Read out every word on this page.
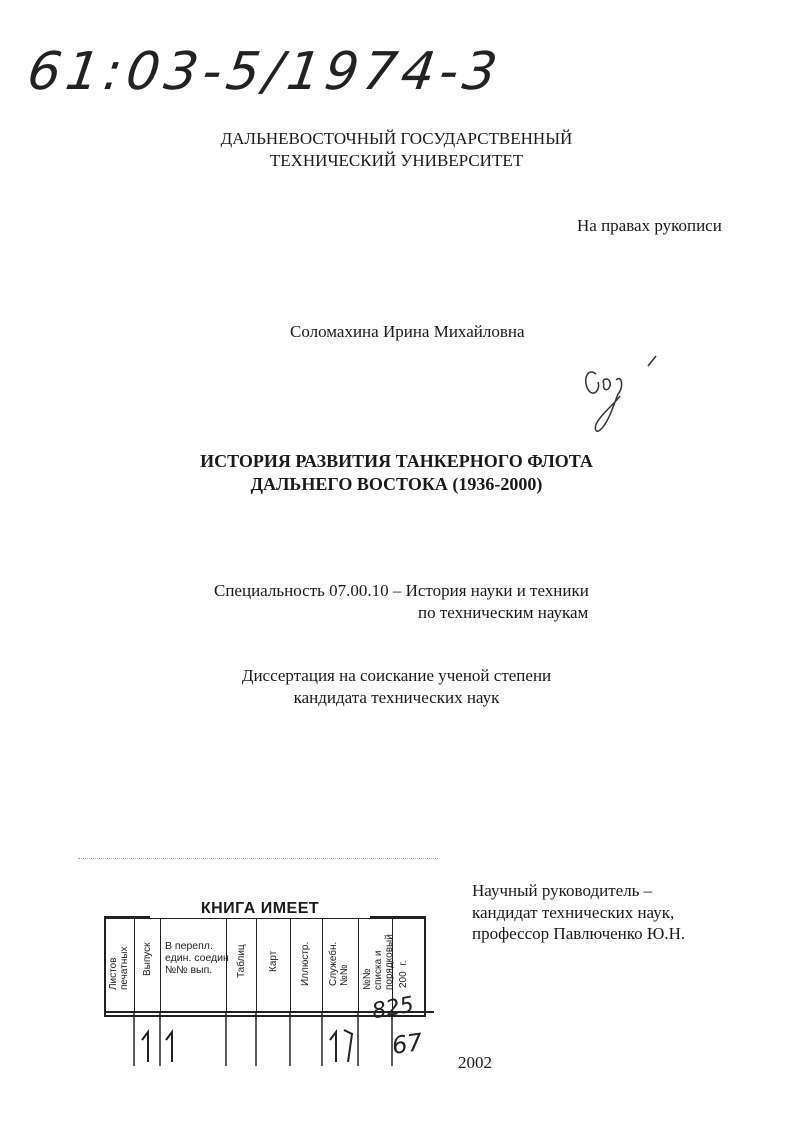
61:03-5/1974-3
ДАЛЬНЕВОСТОЧНЫЙ ГОСУДАРСТВЕННЫЙ
ТЕХНИЧЕСКИЙ УНИВЕРСИТЕТ
На правах рукописи
Соломахина Ирина Михайловна
ИСТОРИЯ РАЗВИТИЯ ТАНКЕРНОГО ФЛОТА
ДАЛЬНЕГО ВОСТОКА (1936-2000)
Специальность 07.00.10 – История науки и техники
по техническим наукам
Диссертация на соискание ученой степени
кандидата технических наук
Научный руководитель –
кандидат технических наук,
профессор Павлюченко Ю.Н.
КНИГА ИМЕЕТ
Листов
печатных Выпуск В перепл.
един. соедин
№№ вып.	Таблиц Карт Иллюстр. Служебн.
№№ №№
списка и
порядковый 200  г.
825
67
2002
